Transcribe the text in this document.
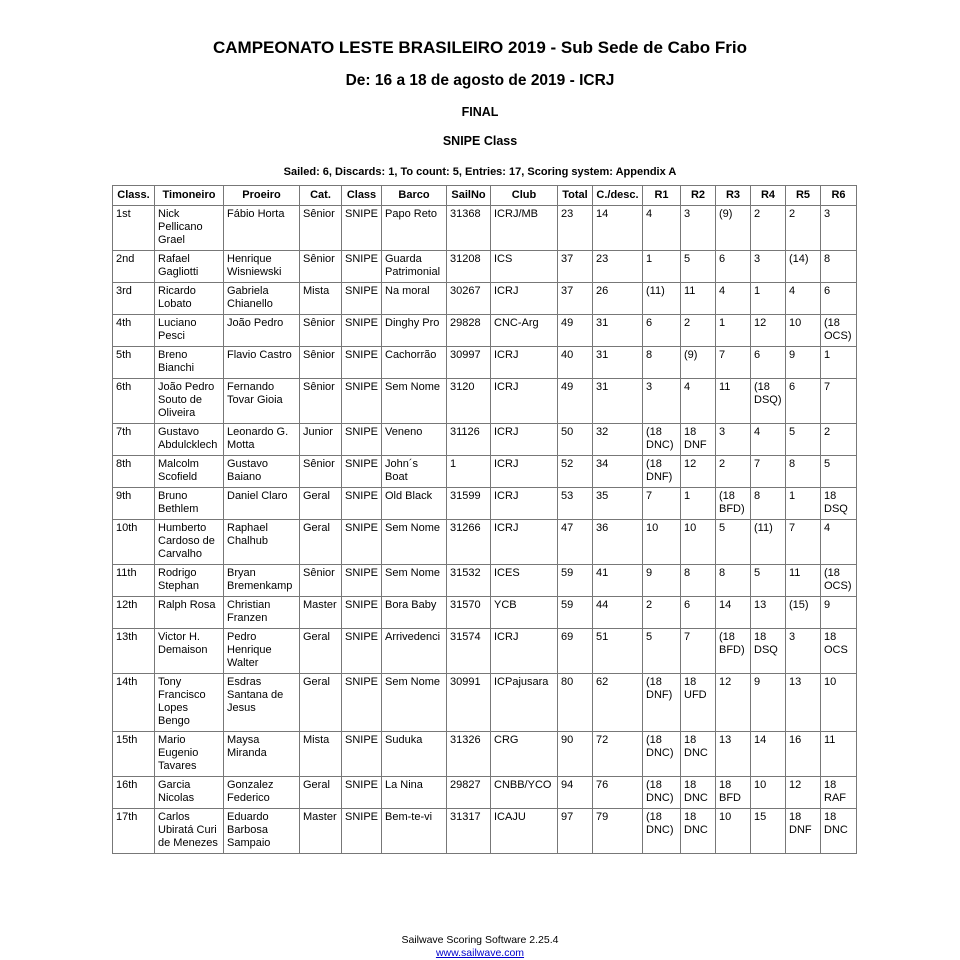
CAMPEONATO LESTE BRASILEIRO 2019 - Sub Sede de Cabo Frio
De: 16 a 18 de agosto de 2019 - ICRJ
FINAL
SNIPE Class
Sailed: 6, Discards: 1, To count: 5, Entries: 17, Scoring system: Appendix A
Class.	Timoneiro	Proeiro	Cat.	Class	Barco	SailNo	Club	Total	C./desc.	R1	R2	R3	R4	R5	R6
1st	Nick Pellicano Grael	Fábio Horta	Sênior	SNIPE	Papo Reto	31368	ICRJ/MB	23	14	4	3	(9)	2	2	3
2nd	Rafael Gagliotti	Henrique Wisniewski	Sênior	SNIPE	Guarda Patrimonial	31208	ICS	37	23	1	5	6	3	(14)	8
3rd	Ricardo Lobato	Gabriela Chianello	Mista	SNIPE	Na moral	30267	ICRJ	37	26	(11)	11	4	1	4	6
4th	Luciano Pesci	João Pedro	Sênior	SNIPE	Dinghy Pro	29828	CNC-Arg	49	31	6	2	1	12	10	(18 OCS)
5th	Breno Bianchi	Flavio Castro	Sênior	SNIPE	Cachorrão	30997	ICRJ	40	31	8	(9)	7	6	9	1
6th	João Pedro Souto de Oliveira	Fernando Tovar Gioia	Sênior	SNIPE	Sem Nome	3120	ICRJ	49	31	3	4	11	(18 DSQ)	6	7
7th	Gustavo Abdulcklech	Leonardo G. Motta	Junior	SNIPE	Veneno	31126	ICRJ	50	32	(18 DNC)	18 DNF	3	4	5	2
8th	Malcolm Scofield	Gustavo Baiano	Sênior	SNIPE	John´s Boat	1	ICRJ	52	34	(18 DNF)	12	2	7	8	5
9th	Bruno Bethlem	Daniel Claro	Geral	SNIPE	Old Black	31599	ICRJ	53	35	7	1	(18 BFD)	8	1	18 DSQ
10th	Humberto Cardoso de Carvalho	Raphael Chalhub	Geral	SNIPE	Sem Nome	31266	ICRJ	47	36	10	10	5	(11)	7	4
11th	Rodrigo Stephan	Bryan Bremenkamp	Sênior	SNIPE	Sem Nome	31532	ICES	59	41	9	8	8	5	11	(18 OCS)
12th	Ralph Rosa	Christian Franzen	Master	SNIPE	Bora Baby	31570	YCB	59	44	2	6	14	13	(15)	9
13th	Victor H. Demaison	Pedro Henrique Walter	Geral	SNIPE	Arrivedenci	31574	ICRJ	69	51	5	7	(18 BFD)	18 DSQ	3	18 OCS
14th	Tony Francisco Lopes Bengo	Esdras Santana de Jesus	Geral	SNIPE	Sem Nome	30991	ICPajusara	80	62	(18 DNF)	18 UFD	12	9	13	10
15th	Mario Eugenio Tavares	Maysa Miranda	Mista	SNIPE	Suduka	31326	CRG	90	72	(18 DNC)	18 DNC	13	14	16	11
16th	Garcia Nicolas	Gonzalez Federico	Geral	SNIPE	La Nina	29827	CNBB/YCO	94	76	(18 DNC)	18 DNC	18 BFD	10	12	18 RAF
17th	Carlos Ubiratá Curi de Menezes	Eduardo Barbosa Sampaio	Master	SNIPE	Bem-te-vi	31317	ICAJU	97	79	(18 DNC)	18 DNC	10	15	18 DNF	18 DNC
Sailwave Scoring Software 2.25.4
www.sailwave.com
